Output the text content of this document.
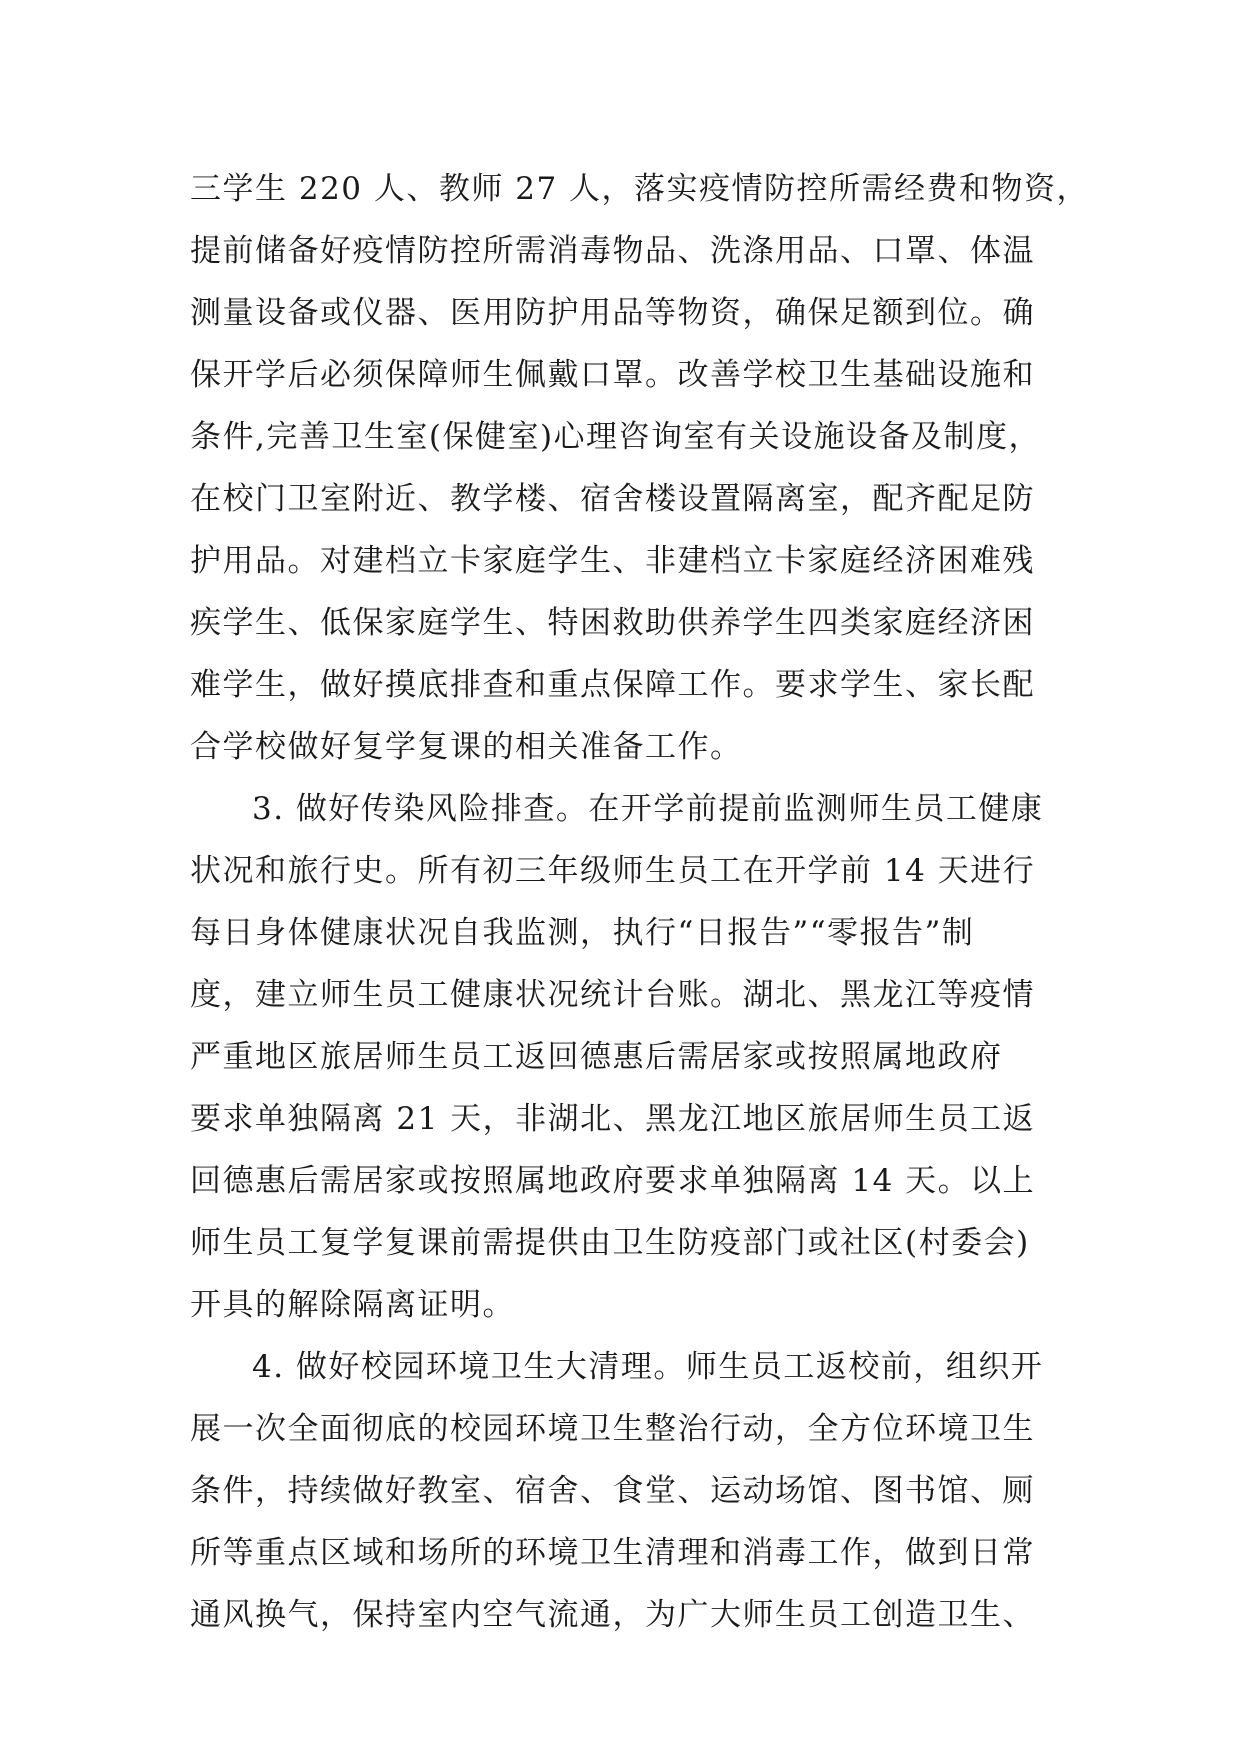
三学生 220 人、教师 27 人，落实疫情防控所需经费和物资，
提前储备好疫情防控所需消毒物品、洗涤用品、口罩、体温
测量设备或仪器、医用防护用品等物资，确保足额到位。确
保开学后必须保障师生佩戴口罩。改善学校卫生基础设施和
条件,完善卫生室(保健室)心理咨询室有关设施设备及制度，
在校门卫室附近、教学楼、宿舍楼设置隔离室，配齐配足防
护用品。对建档立卡家庭学生、非建档立卡家庭经济困难残
疾学生、低保家庭学生、特困救助供养学生四类家庭经济困
难学生，做好摸底排查和重点保障工作。要求学生、家长配
合学校做好复学复课的相关准备工作。
3. 做好传染风险排查。在开学前提前监测师生员工健康
状况和旅行史。所有初三年级师生员工在开学前 14 天进行
每日身体健康状况自我监测，执行“日报告”“零报告”制
度，建立师生员工健康状况统计台账。湖北、黑龙江等疫情
严重地区旅居师生员工返回德惠后需居家或按照属地政府
要求单独隔离 21 天，非湖北、黑龙江地区旅居师生员工返
回德惠后需居家或按照属地政府要求单独隔离 14 天。以上
师生员工复学复课前需提供由卫生防疫部门或社区(村委会)
开具的解除隔离证明。
4. 做好校园环境卫生大清理。师生员工返校前，组织开
展一次全面彻底的校园环境卫生整治行动，全方位环境卫生
条件，持续做好教室、宿舍、食堂、运动场馆、图书馆、厕
所等重点区域和场所的环境卫生清理和消毒工作，做到日常
通风换气，保持室内空气流通，为广大师生员工创造卫生、
